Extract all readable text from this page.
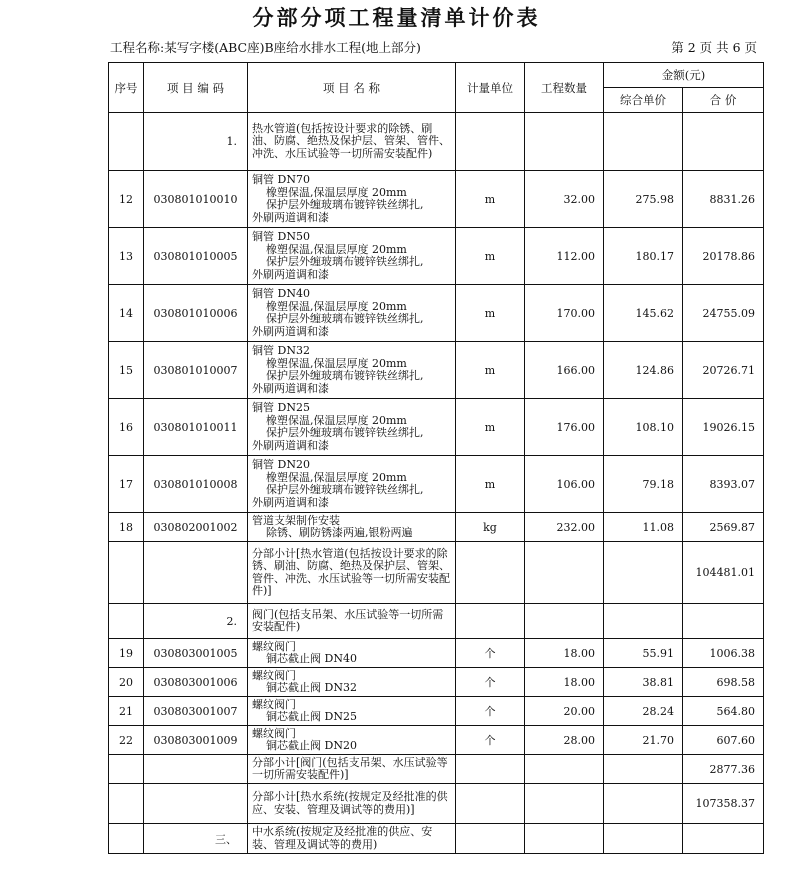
分部分项工程量清单计价表
工程名称:某写字楼(ABC座)B座给水排水工程(地上部分)	第 2 页 共 6 页
序号	项 目 编 码	项 目 名 称	计量单位	工程数量	金额(元)	
					综合单价	合 价
	1.	热水管道(包括按设计要求的除锈、刷油、防腐、绝热及保护层、管架、管件、冲洗、水压试验等一切所需安装配件)				

12	030801010010	铜管 DN70
橡塑保温,保温层厚度 20mm
保护层外缠玻璃布镀锌铁丝绑扎,
外刷两道调和漆	m	32.00	275.98	8831.26
13	030801010005	铜管 DN50
橡塑保温,保温层厚度 20mm
保护层外缠玻璃布镀锌铁丝绑扎,
外刷两道调和漆	m	112.00	180.17	20178.86
14	030801010006	铜管 DN40
橡塑保温,保温层厚度 20mm
保护层外缠玻璃布镀锌铁丝绑扎,
外刷两道调和漆	m	170.00	145.62	24755.09
15	030801010007	铜管 DN32
橡塑保温,保温层厚度 20mm
保护层外缠玻璃布镀锌铁丝绑扎,
外刷两道调和漆	m	166.00	124.86	20726.71
16	030801010011	铜管 DN25
橡塑保温,保温层厚度 20mm
保护层外缠玻璃布镀锌铁丝绑扎,
外刷两道调和漆	m	176.00	108.10	19026.15
17	030801010008	铜管 DN20
橡塑保温,保温层厚度 20mm
保护层外缠玻璃布镀锌铁丝绑扎,
外刷两道调和漆	m	106.00	79.18	8393.07
18	030802001002	管道支架制作安装
除锈、刷防锈漆两遍,银粉两遍	kg	232.00	11.08	2569.87

		分部小计[热水管道(包括按设计要求的除锈、刷油、防腐、绝热及保护层、管架、管件、冲洗、水压试验等一切所需安装配件)]				104481.01
	2.	阀门(包括支吊架、水压试验等一切所需安装配件)				

19	030803001005	螺纹阀门
铜芯截止阀 DN40	个	18.00	55.91	1006.38
20	030803001006	螺纹阀门
铜芯截止阀 DN32	个	18.00	38.81	698.58
21	030803001007	螺纹阀门
铜芯截止阀 DN25	个	20.00	28.24	564.80
22	030803001009	螺纹阀门
铜芯截止阀 DN20	个	28.00	21.70	607.60

		分部小计[阀门(包括支吊架、水压试验等一切所需安装配件)]				2877.36

		分部小计[热水系统(按规定及经批准的供应、安装、管理及调试等的费用)]				107358.37
	三、	中水系统(按规定及经批准的供应、安装、管理及调试等的费用)				
